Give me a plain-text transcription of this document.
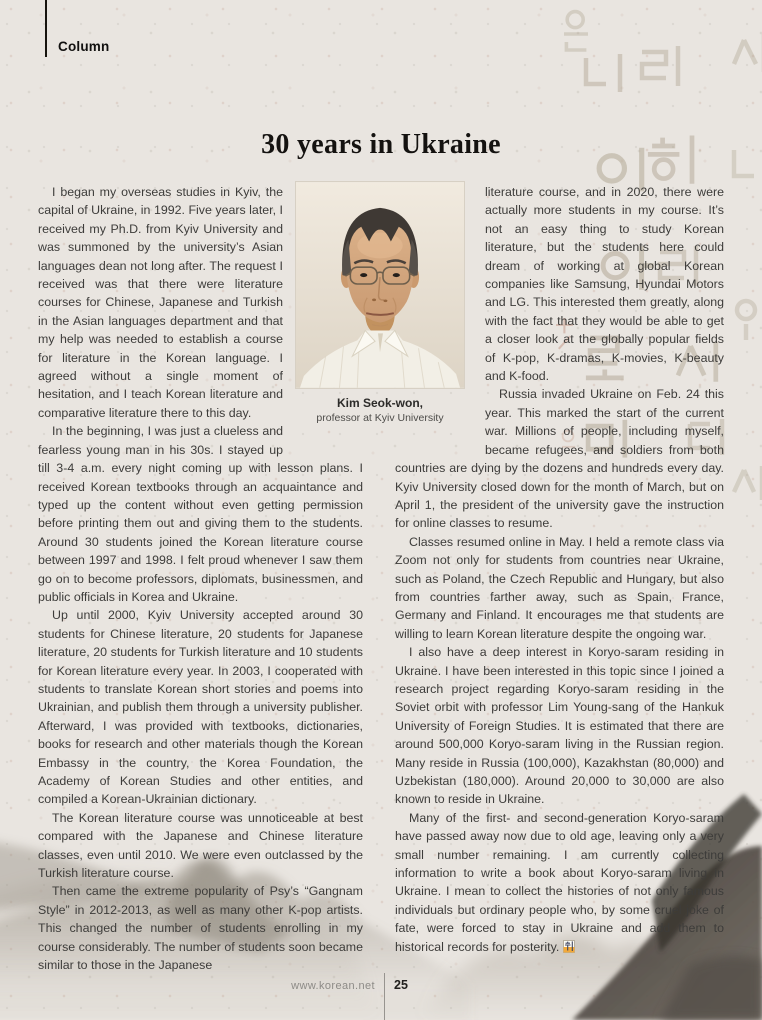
Column
30 years in Ukraine

I began my overseas studies in Kyiv, the capital of Ukraine, in 1992. Five years later, I received my Ph.D. from Kyiv University and was summoned by the university’s Asian languages dean not long after. The request I received was that there were literature courses for Chinese, Japanese and Turkish in the Asian languages department and that my help was needed to establish a course for literature in the Korean language. I agreed without a single moment of hesitation, and I teach Korean literature and comparative literature there to this day.

In the beginning, I was just a clueless and fearless young man in his 30s. I stayed up till 3-4 a.m. every night coming up with lesson plans. I received Korean textbooks through an acquaintance and typed up the content without even getting permission before printing them out and giving them to the students. Around 30 students joined the Korean literature course between 1997 and 1998. I felt proud whenever I saw them go on to become professors, diplomats, businessmen, and public officials in Korea and Ukraine.

Up until 2000, Kyiv University accepted around 30 students for Chinese literature, 20 students for Japanese literature, 20 students for Turkish literature and 10 students for Korean literature every year. In 2003, I cooperated with students to translate Korean short stories and poems into Ukrainian, and publish them through a university publisher. Afterward, I was provided with textbooks, dictionaries, books for research and other materials though the Korean Embassy in the country, the Korea Foundation, the Academy of Korean Studies and other entities, and compiled a Korean-Ukrainian dictionary.

The Korean literature course was unnoticeable at best compared with the Japanese and Chinese literature classes, even until 2010. We were even outclassed by the Turkish literature course.

Then came the extreme popularity of Psy’s “Gangnam Style” in 2012-2013, as well as many other K-pop artists. This changed the number of students enrolling in my course considerably. The number of students soon became similar to those in the Japanese

literature course, and in 2020, there were actually more students in my course. It’s not an easy thing to study Korean literature, but the students here could dream of working at global Korean companies like Samsung, Hyundai Motors and LG. This interested them greatly, along with the fact that they would be able to get a closer look at the globally popular fields of K-pop, K-dramas, K-movies, K-beauty and K-food.

Russia invaded Ukraine on Feb. 24 this year. This marked the start of the current war. Millions of people, including myself, became refugees, and soldiers from both countries are dying by the dozens and hundreds every day. Kyiv University closed down for the month of March, but on April 1, the president of the university gave the instruction for online classes to resume.

Classes resumed online in May. I held a remote class via Zoom not only for students from countries near Ukraine, such as Poland, the Czech Republic and Hungary, but also from countries farther away, such as Spain, France, Germany and Finland. It encourages me that students are willing to learn Korean literature despite the ongoing war.

I also have a deep interest in Koryo-saram residing in Ukraine. I have been interested in this topic since I joined a research project regarding Koryo-saram residing in the Soviet orbit with professor Lim Young-sang of the Hankuk University of Foreign Studies. It is estimated that there are around 500,000 Koryo-saram living in the Russian region. Many reside in Russia (100,000), Kazakhstan (80,000) and Uzbekistan (180,000). Around 20,000 to 30,000 are also known to reside in Ukraine.

Many of the first- and second-generation Koryo-saram have passed away now due to old age, leaving only a very small number remaining. I am currently collecting information to write a book about Koryo-saram living in Ukraine. I mean to collect the histories of not only famous individuals but ordinary people who, by some cruel joke of fate, were forced to stay in Ukraine and add them to historical records for posterity.

Kim Seok-won,
professor at Kyiv University
www.korean.net 25
